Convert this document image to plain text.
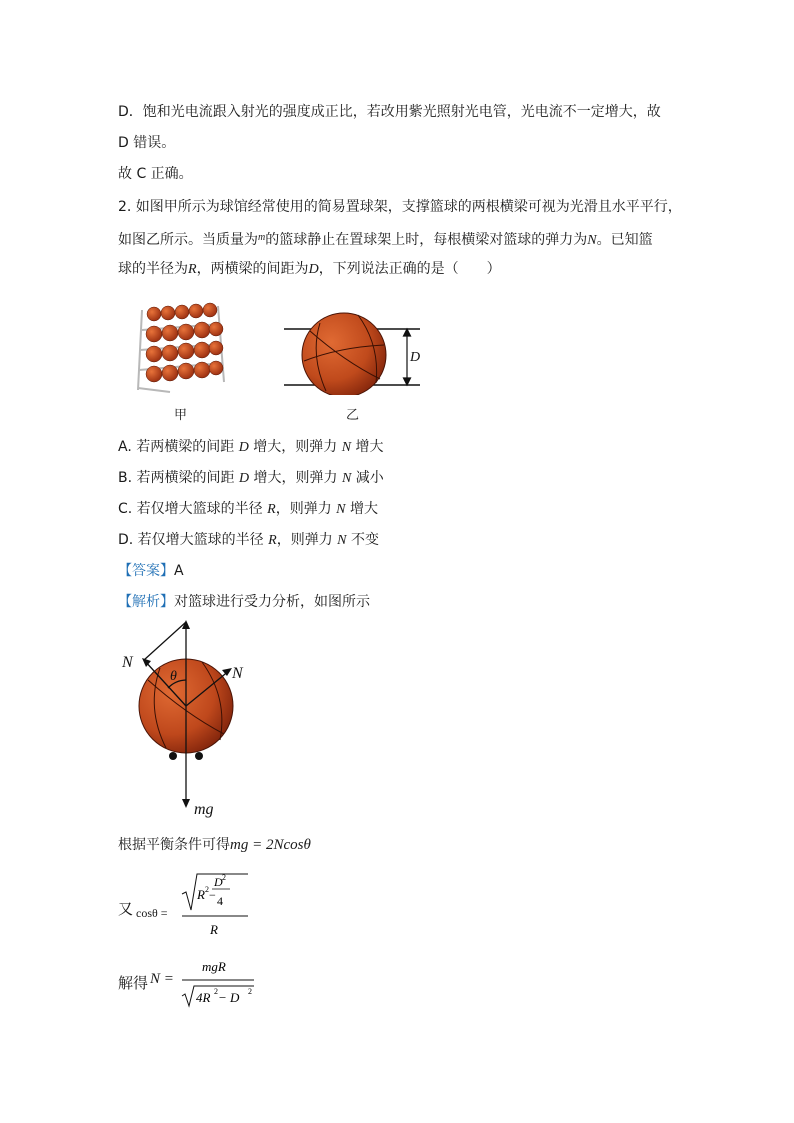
D．饱和光电流跟入射光的强度成正比，若改用紫光照射光电管，光电流不一定增大，故
D 错误。
故 C 正确。
2. 如图甲所示为球馆经常使用的简易置球架，支撑篮球的两根横梁可视为光滑且水平平行，
如图乙所示。当质量为$^m$的篮球静止在置球架上时，每根横梁对篮球的弹力为N。已知篮
球的半径为R，两横梁的间距为D，下列说法正确的是（　　）
甲
D
乙
A. 若两横梁的间距 D 增大，则弹力 N 增大
B. 若两横梁的间距 D 增大，则弹力 N 减小
C. 若仅增大篮球的半径 R，则弹力 N 增大
D. 若仅增大篮球的半径 R，则弹力 N 不变
【答案】A
【解析】对篮球进行受力分析，如图所示
N
N
θ
mg
根据平衡条件可得mg = 2Ncosθ
又 cosθ =
R 2 −
D 2
4
R
解得 N =
mgR
4R 2 − D 2
